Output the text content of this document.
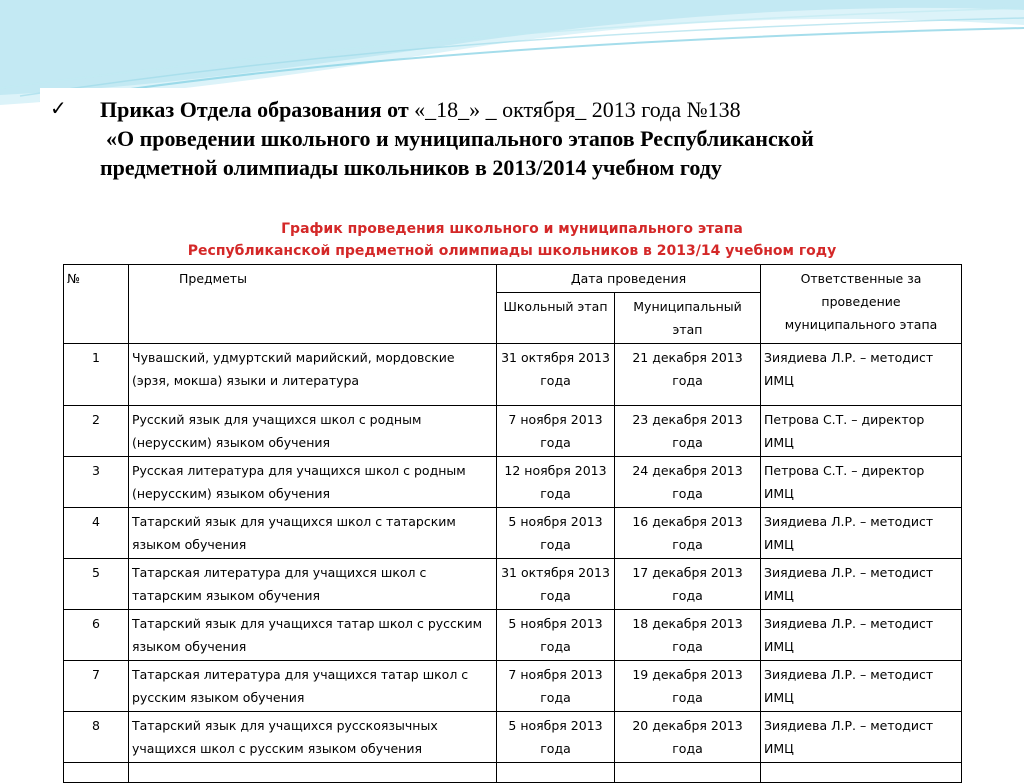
✓ Приказ Отдела образования от «_18_» _ октября_ 2013 года №138
«О проведении школьного и муниципального этапов Республиканской
предметной олимпиады школьников в 2013/2014 учебном году
График проведения школьного и муниципального этапа
Республиканской предметной олимпиады школьников в 2013/14 учебном году
№	Предметы	Дата проведения		Ответственные за проведение муниципального этапа
		Школьный этап	Муниципальный этап	
1	Чувашский, удмуртский марийский, мордовские (эрзя, мокша) языки и литература	31 октября 2013 года	21 декабря 2013 года	Зиядиева Л.Р. – методист ИМЦ
2	Русский язык для учащихся школ с родным (нерусским) языком обучения	7 ноября 2013 года	23 декабря 2013 года	Петрова С.Т. – директор ИМЦ
3	Русская литература для учащихся школ с родным (нерусским) языком обучения	12 ноября 2013 года	24 декабря 2013 года	Петрова С.Т. – директор ИМЦ
4	Татарский язык для учащихся школ с татарским языком обучения	5 ноября 2013 года	16 декабря 2013 года	Зиядиева Л.Р. – методист ИМЦ
5	Татарская литература для учащихся школ с татарским языком обучения	31 октября 2013 года	17 декабря 2013 года	Зиядиева Л.Р. – методист ИМЦ
6	Татарский язык для учащихся татар школ с русским языком обучения	5 ноября 2013 года	18 декабря 2013 года	Зиядиева Л.Р. – методист ИМЦ
7	Татарская литература для учащихся татар школ с русским языком обучения	7 ноября 2013 года	19 декабря 2013 года	Зиядиева Л.Р. – методист ИМЦ
8	Татарский язык для учащихся русскоязычных учащихся школ с русским языком обучения	5 ноября 2013 года	20 декабря 2013 года	Зиядиева Л.Р. – методист ИМЦ
